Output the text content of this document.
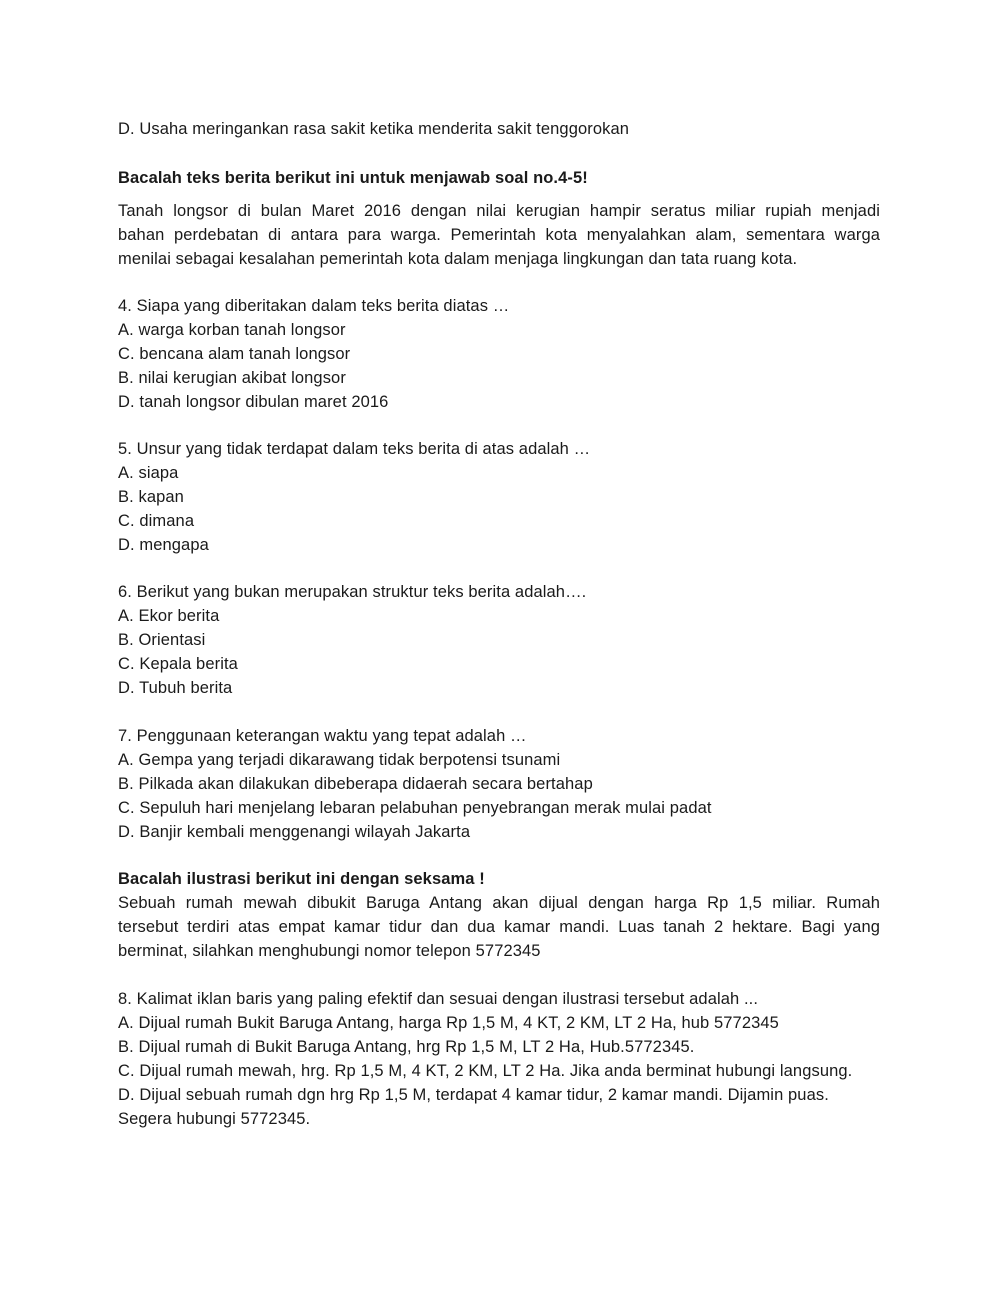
D. Usaha meringankan rasa sakit ketika menderita sakit tenggorokan
Bacalah teks berita berikut ini untuk menjawab soal no.4-5!
Tanah longsor di bulan Maret 2016 dengan nilai kerugian hampir seratus miliar rupiah menjadi
bahan perdebatan di antara para warga. Pemerintah kota menyalahkan alam, sementara warga
menilai sebagai kesalahan pemerintah kota dalam menjaga lingkungan dan tata ruang kota.
4. Siapa yang diberitakan dalam teks berita diatas …
A. warga korban tanah longsor
C. bencana alam tanah longsor
B. nilai kerugian akibat longsor
D. tanah longsor dibulan maret 2016
5. Unsur yang tidak terdapat dalam teks berita di atas adalah …
A. siapa
B. kapan
C. dimana
D. mengapa
6. Berikut yang bukan merupakan struktur teks berita adalah….
A. Ekor berita
B. Orientasi
C. Kepala berita
D. Tubuh berita
7. Penggunaan keterangan waktu yang tepat adalah …
A. Gempa yang terjadi dikarawang tidak berpotensi tsunami
B. Pilkada akan dilakukan dibeberapa didaerah secara bertahap
C. Sepuluh hari menjelang lebaran pelabuhan penyebrangan merak mulai padat
D. Banjir kembali menggenangi wilayah Jakarta
Bacalah ilustrasi berikut ini dengan seksama !
Sebuah rumah mewah dibukit Baruga Antang akan dijual dengan harga Rp 1,5 miliar. Rumah
tersebut terdiri atas empat kamar tidur dan dua kamar mandi. Luas tanah 2 hektare. Bagi yang
berminat, silahkan menghubungi nomor telepon 5772345
8. Kalimat iklan baris yang paling efektif dan sesuai dengan ilustrasi tersebut adalah ...
A. Dijual rumah Bukit Baruga Antang, harga Rp 1,5 M, 4 KT, 2 KM, LT 2 Ha, hub 5772345
B. Dijual rumah di Bukit Baruga Antang, hrg Rp 1,5 M, LT 2 Ha, Hub.5772345.
C. Dijual rumah mewah, hrg. Rp 1,5 M, 4 KT, 2 KM, LT 2 Ha. Jika anda berminat hubungi langsung.
D. Dijual sebuah rumah dgn hrg Rp 1,5 M, terdapat 4 kamar tidur, 2 kamar mandi. Dijamin puas.
Segera hubungi 5772345.
